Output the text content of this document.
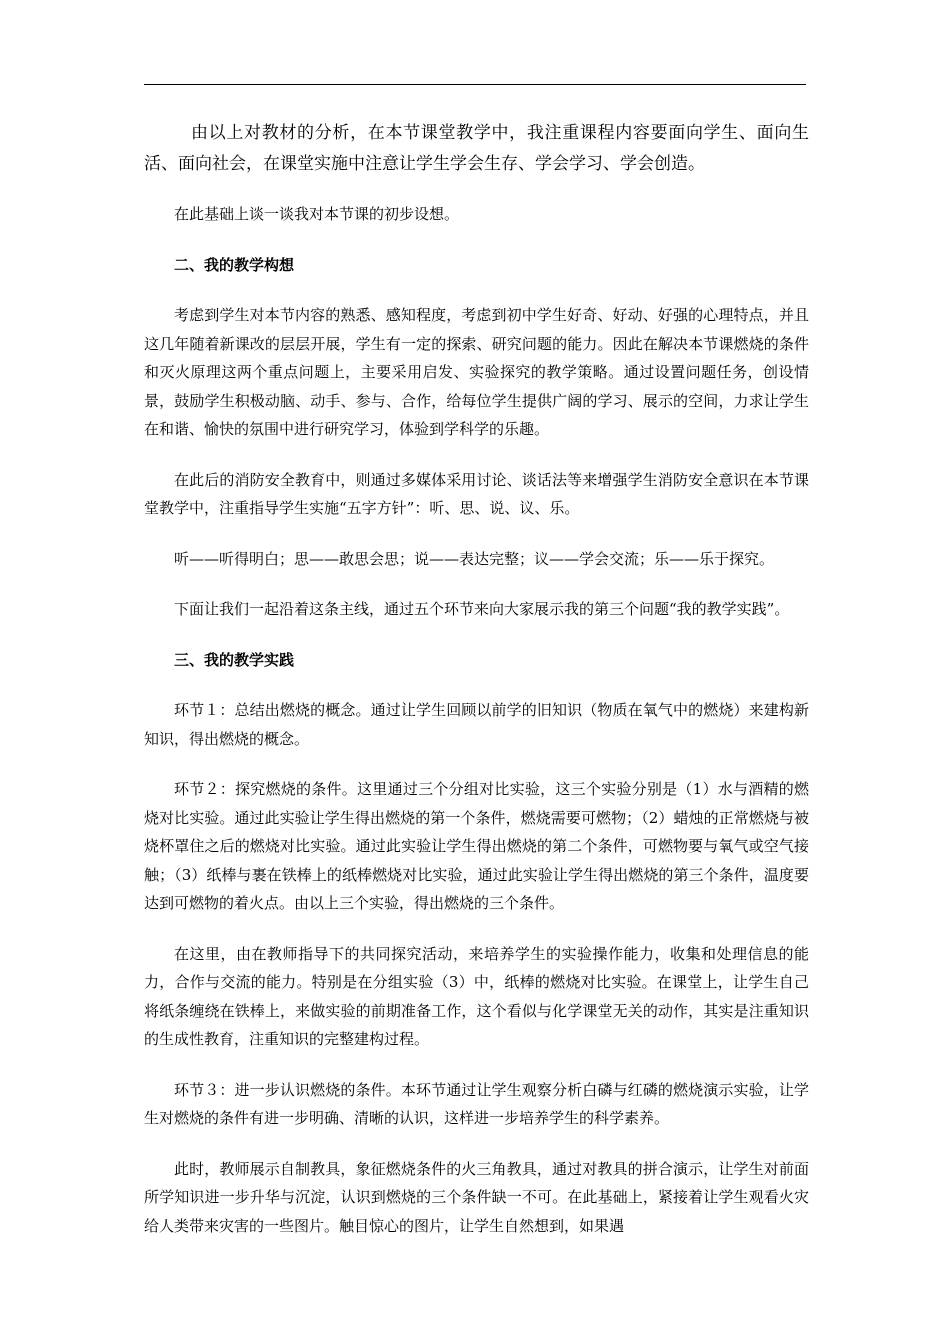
由以上对教材的分析，在本节课堂教学中，我注重课程内容要面向学生、面向生活、面向社会，在课堂实施中注意让学生学会生存、学会学习、学会创造。

在此基础上谈一谈我对本节课的初步设想。

二、我的教学构想

考虑到学生对本节内容的熟悉、感知程度，考虑到初中学生好奇、好动、好强的心理特点，并且这几年随着新课改的层层开展，学生有一定的探索、研究问题的能力。因此在解决本节课燃烧的条件和灭火原理这两个重点问题上，主要采用启发、实验探究的教学策略。通过设置问题任务，创设情景，鼓励学生积极动脑、动手、参与、合作，给每位学生提供广阔的学习、展示的空间，力求让学生在和谐、愉快的氛围中进行研究学习，体验到学科学的乐趣。

在此后的消防安全教育中，则通过多媒体采用讨论、谈话法等来增强学生消防安全意识在本节课堂教学中，注重指导学生实施“五字方针”：听、思、说、议、乐。

听——听得明白；思——敢思会思；说——表达完整；议——学会交流；乐——乐于探究。

下面让我们一起沿着这条主线，通过五个环节来向大家展示我的第三个问题“我的教学实践”。

三、我的教学实践

环节１：总结出燃烧的概念。通过让学生回顾以前学的旧知识（物质在氧气中的燃烧）来建构新知识，得出燃烧的概念。

环节２：探究燃烧的条件。这里通过三个分组对比实验，这三个实验分别是（1）水与酒精的燃烧对比实验。通过此实验让学生得出燃烧的第一个条件，燃烧需要可燃物；（2）蜡烛的正常燃烧与被烧杯罩住之后的燃烧对比实验。通过此实验让学生得出燃烧的第二个条件，可燃物要与氧气或空气接触；（3）纸棒与裹在铁棒上的纸棒燃烧对比实验，通过此实验让学生得出燃烧的第三个条件，温度要达到可燃物的着火点。由以上三个实验，得出燃烧的三个条件。

在这里，由在教师指导下的共同探究活动，来培养学生的实验操作能力，收集和处理信息的能力，合作与交流的能力。特别是在分组实验（3）中，纸棒的燃烧对比实验。在课堂上，让学生自己将纸条缠绕在铁棒上，来做实验的前期准备工作，这个看似与化学课堂无关的动作，其实是注重知识的生成性教育，注重知识的完整建构过程。

环节３：进一步认识燃烧的条件。本环节通过让学生观察分析白磷与红磷的燃烧演示实验，让学生对燃烧的条件有进一步明确、清晰的认识，这样进一步培养学生的科学素养。

此时，教师展示自制教具，象征燃烧条件的火三角教具，通过对教具的拼合演示，让学生对前面所学知识进一步升华与沉淀，认识到燃烧的三个条件缺一不可。在此基础上，紧接着让学生观看火灾给人类带来灾害的一些图片。触目惊心的图片，让学生自然想到，如果遇
